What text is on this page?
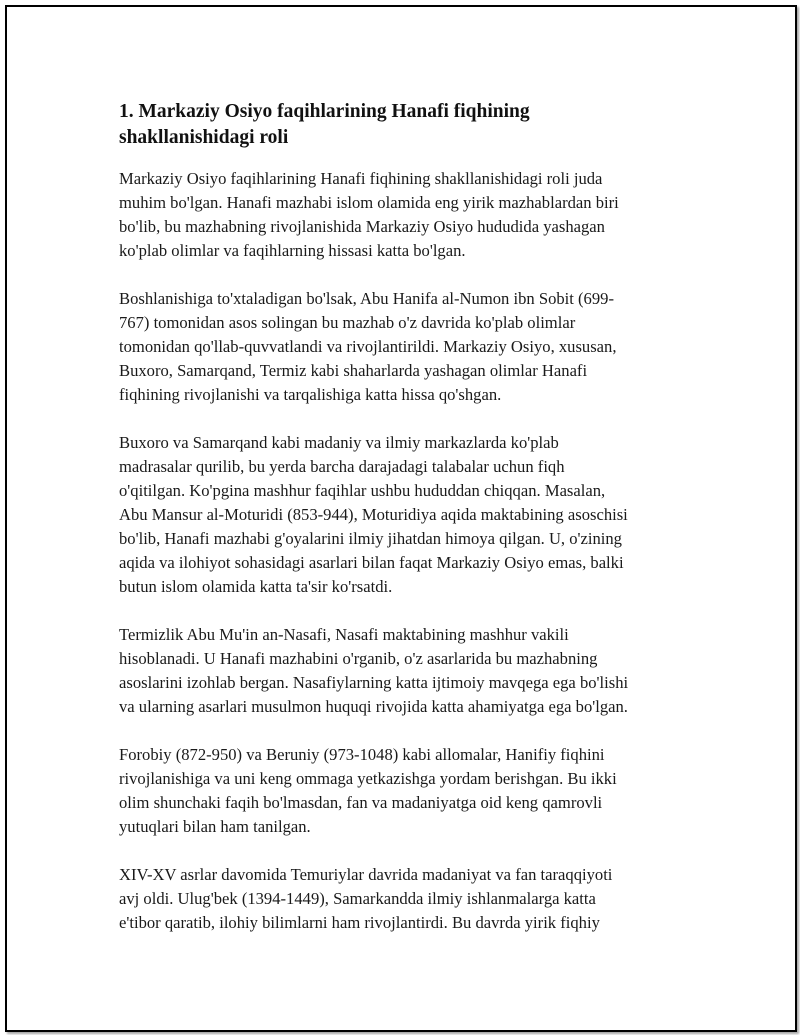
1. Markaziy Osiyo faqihlarining Hanafi fiqhining
shakllanishidagi roli

Markaziy Osiyo faqihlarining Hanafi fiqhining shakllanishidagi roli juda
muhim bo'lgan. Hanafi mazhabi islom olamida eng yirik mazhablardan biri
bo'lib, bu mazhabning rivojlanishida Markaziy Osiyo hududida yashagan
ko'plab olimlar va faqihlarning hissasi katta bo'lgan.

Boshlanishiga to'xtaladigan bo'lsak, Abu Hanifa al-Numon ibn Sobit (699-
767) tomonidan asos solingan bu mazhab o'z davrida ko'plab olimlar
tomonidan qo'llab-quvvatlandi va rivojlantirildi. Markaziy Osiyo, xususan,
Buxoro, Samarqand, Termiz kabi shaharlarda yashagan olimlar Hanafi
fiqhining rivojlanishi va tarqalishiga katta hissa qo'shgan.

Buxoro va Samarqand kabi madaniy va ilmiy markazlarda ko'plab
madrasalar qurilib, bu yerda barcha darajadagi talabalar uchun fiqh
o'qitilgan. Ko'pgina mashhur faqihlar ushbu hududdan chiqqan. Masalan,
Abu Mansur al-Moturidi (853-944), Moturidiya aqida maktabining asoschisi
bo'lib, Hanafi mazhabi g'oyalarini ilmiy jihatdan himoya qilgan. U, o'zining
aqida va ilohiyot sohasidagi asarlari bilan faqat Markaziy Osiyo emas, balki
butun islom olamida katta ta'sir ko'rsatdi.

Termizlik Abu Mu'in an-Nasafi, Nasafi maktabining mashhur vakili
hisoblanadi. U Hanafi mazhabini o'rganib, o'z asarlarida bu mazhabning
asoslarini izohlab bergan. Nasafiylarning katta ijtimoiy mavqega ega bo'lishi
va ularning asarlari musulmon huquqi rivojida katta ahamiyatga ega bo'lgan.

Forobiy (872-950) va Beruniy (973-1048) kabi allomalar, Hanifiy fiqhini
rivojlanishiga va uni keng ommaga yetkazishga yordam berishgan. Bu ikki
olim shunchaki faqih bo'lmasdan, fan va madaniyatga oid keng qamrovli
yutuqlari bilan ham tanilgan.

XIV-XV asrlar davomida Temuriylar davrida madaniyat va fan taraqqiyoti
avj oldi. Ulug'bek (1394-1449), Samarkandda ilmiy ishlanmalarga katta
e'tibor qaratib, ilohiy bilimlarni ham rivojlantirdi. Bu davrda yirik fiqhiy
